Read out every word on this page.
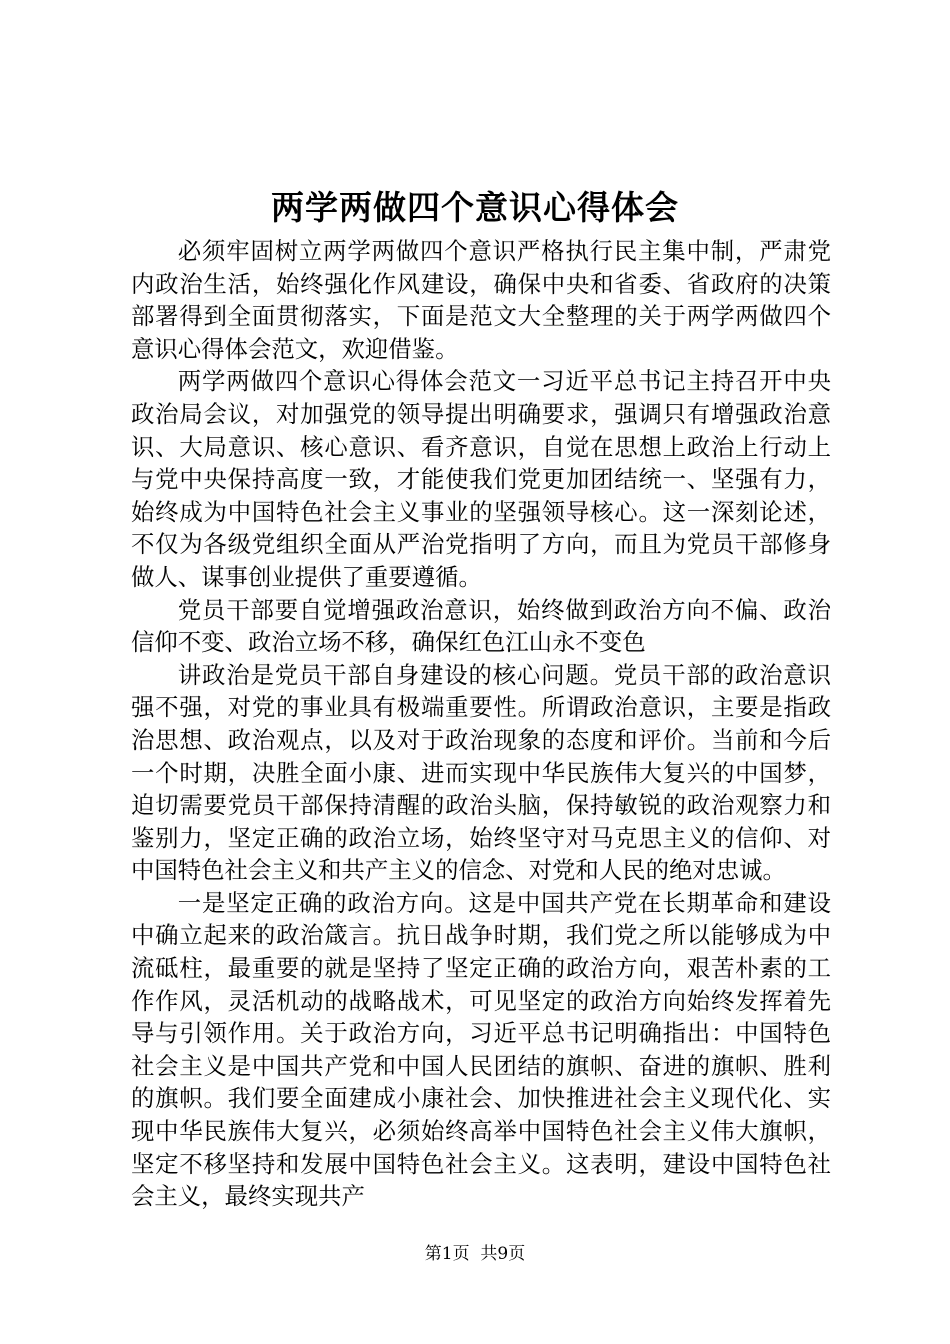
两学两做四个意识心得体会

必须牢固树立两学两做四个意识严格执行民主集中制，严肃党内政治生活，始终强化作风建设，确保中央和省委、省政府的决策部署得到全面贯彻落实，下面是范文大全整理的关于两学两做四个意识心得体会范文，欢迎借鉴。

两学两做四个意识心得体会范文一习近平总书记主持召开中央政治局会议，对加强党的领导提出明确要求，强调只有增强政治意识、大局意识、核心意识、看齐意识，自觉在思想上政治上行动上与党中央保持高度一致，才能使我们党更加团结统一、坚强有力，始终成为中国特色社会主义事业的坚强领导核心。这一深刻论述，不仅为各级党组织全面从严治党指明了方向，而且为党员干部修身做人、谋事创业提供了重要遵循。

党员干部要自觉增强政治意识，始终做到政治方向不偏、政治信仰不变、政治立场不移，确保红色江山永不变色

讲政治是党员干部自身建设的核心问题。党员干部的政治意识强不强，对党的事业具有极端重要性。所谓政治意识，主要是指政治思想、政治观点，以及对于政治现象的态度和评价。当前和今后一个时期，决胜全面小康、进而实现中华民族伟大复兴的中国梦，迫切需要党员干部保持清醒的政治头脑，保持敏锐的政治观察力和鉴别力，坚定正确的政治立场，始终坚守对马克思主义的信仰、对中国特色社会主义和共产主义的信念、对党和人民的绝对忠诚。

一是坚定正确的政治方向。这是中国共产党在长期革命和建设中确立起来的政治箴言。抗日战争时期，我们党之所以能够成为中流砥柱，最重要的就是坚持了坚定正确的政治方向，艰苦朴素的工作作风，灵活机动的战略战术，可见坚定的政治方向始终发挥着先导与引领作用。关于政治方向，习近平总书记明确指出：中国特色社会主义是中国共产党和中国人民团结的旗帜、奋进的旗帜、胜利的旗帜。我们要全面建成小康社会、加快推进社会主义现代化、实现中华民族伟大复兴，必须始终高举中国特色社会主义伟大旗帜，坚定不移坚持和发展中国特色社会主义。这表明，建设中国特色社会主义，最终实现共产

第1页 共9页
